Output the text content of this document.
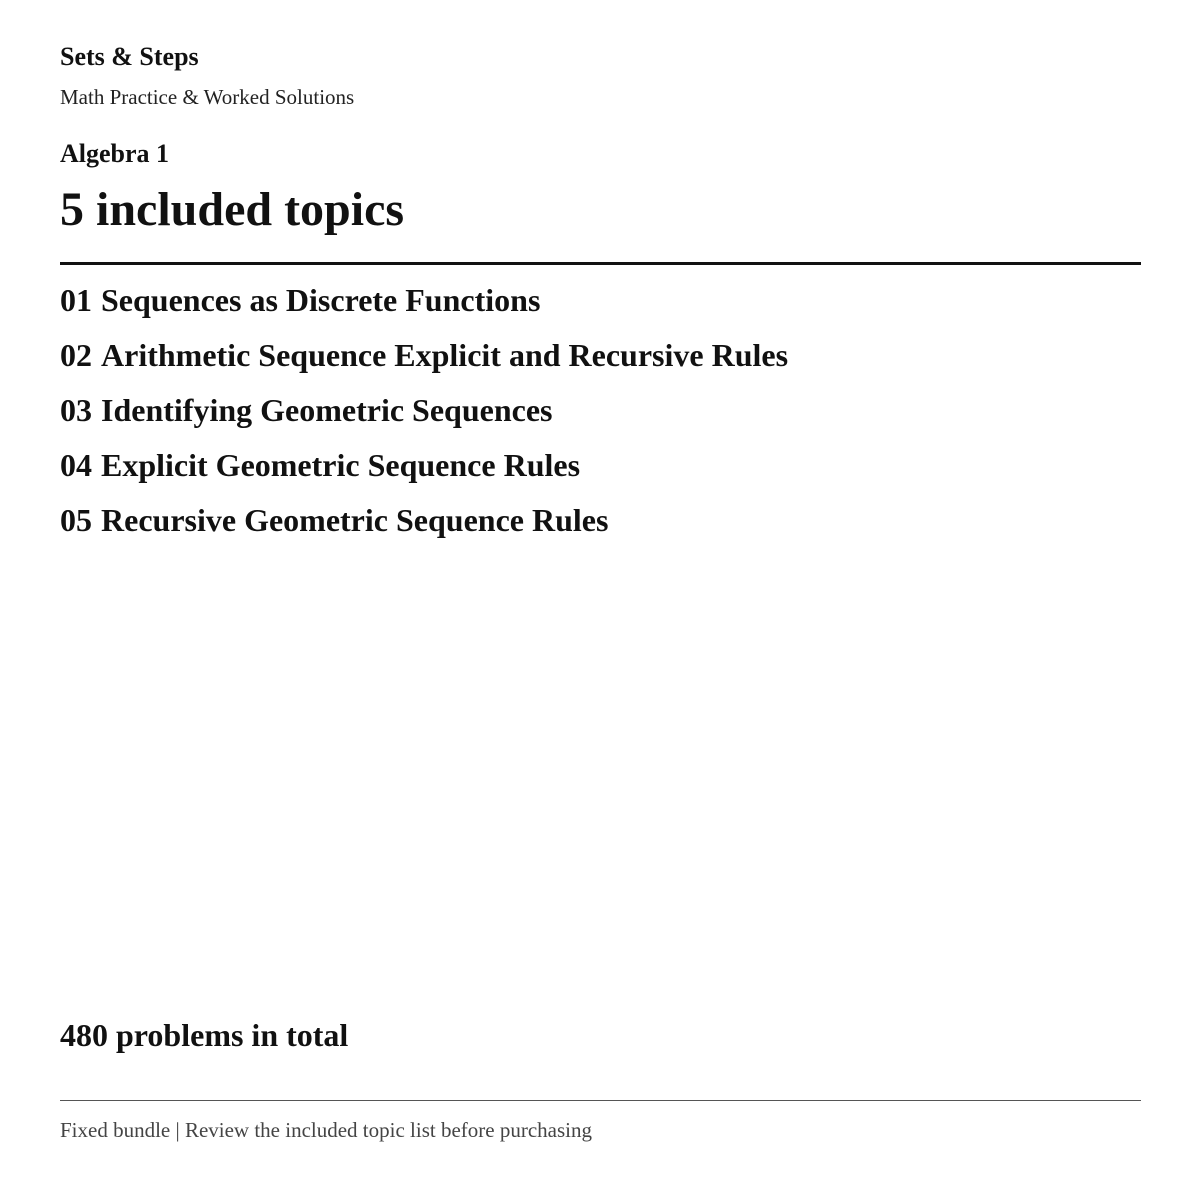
Sets & Steps
Math Practice & Worked Solutions
Algebra 1
5 included topics
01 Sequences as Discrete Functions
02 Arithmetic Sequence Explicit and Recursive Rules
03 Identifying Geometric Sequences
04 Explicit Geometric Sequence Rules
05 Recursive Geometric Sequence Rules
480 problems in total
Fixed bundle | Review the included topic list before purchasing
